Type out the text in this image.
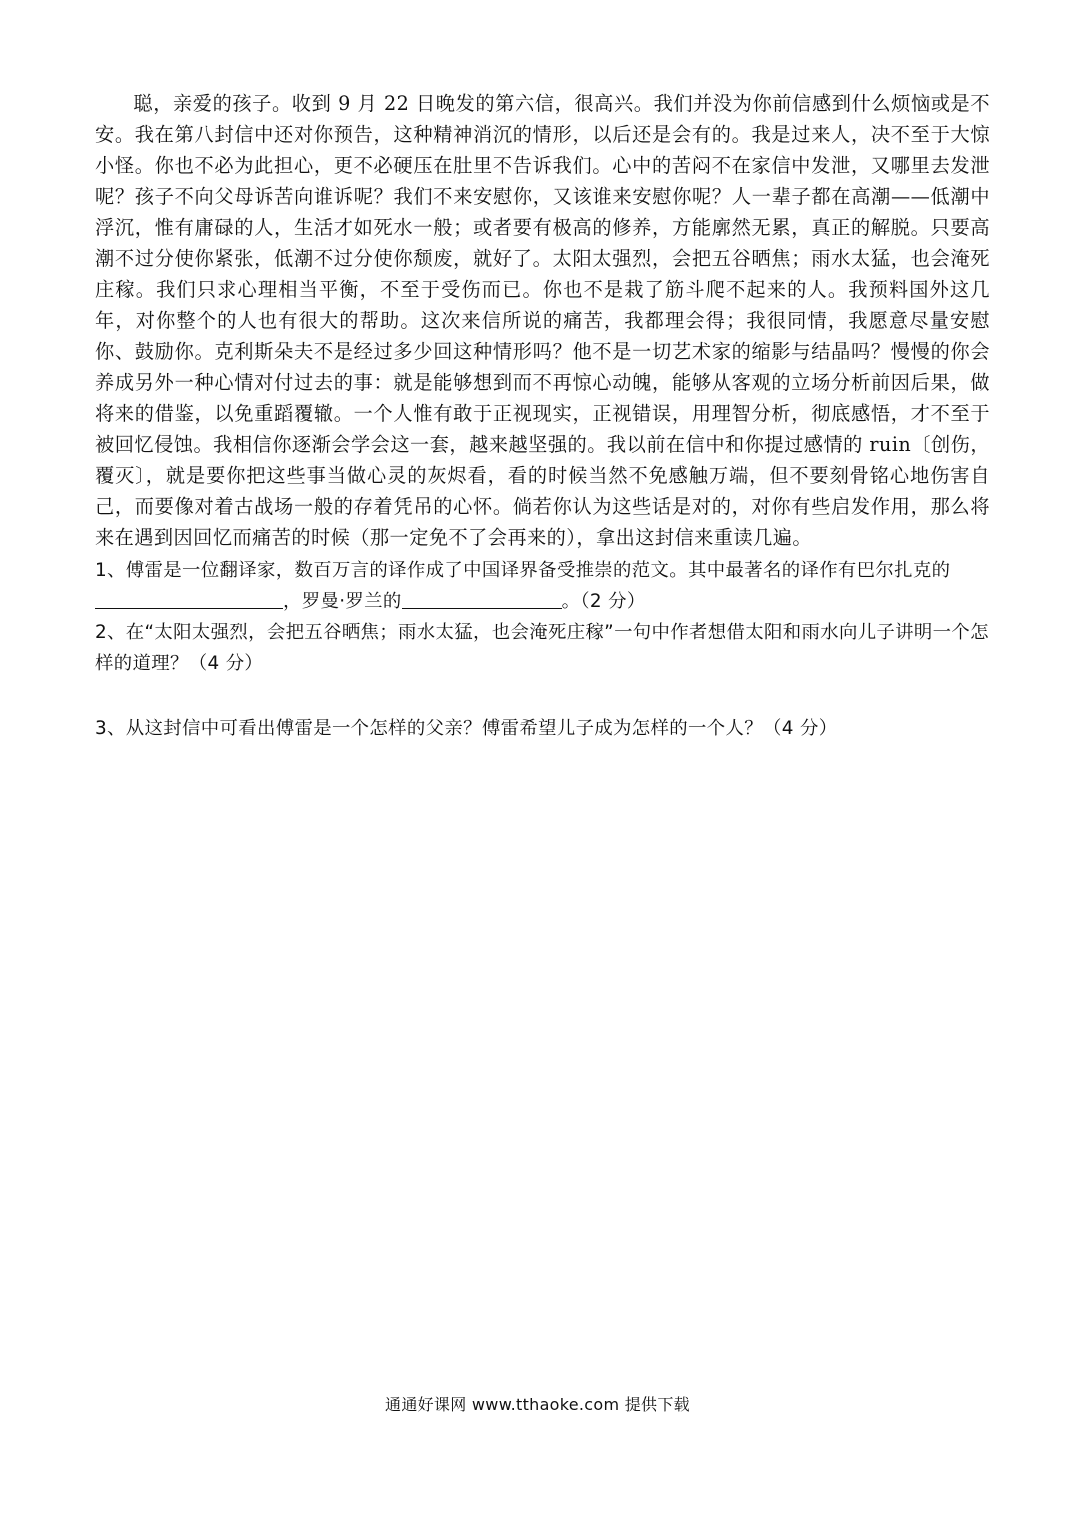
聪，亲爱的孩子。收到 9 月 22 日晚发的第六信，很高兴。我们并没为你前信感到什么烦恼或是不安。我在第八封信中还对你预告，这种精神消沉的情形，以后还是会有的。我是过来人，决不至于大惊小怪。你也不必为此担心，更不必硬压在肚里不告诉我们。心中的苦闷不在家信中发泄，又哪里去发泄呢？孩子不向父母诉苦向谁诉呢？我们不来安慰你，又该谁来安慰你呢？人一辈子都在高潮——低潮中浮沉，惟有庸碌的人，生活才如死水一般；或者要有极高的修养，方能廓然无累，真正的解脱。只要高潮不过分使你紧张，低潮不过分使你颓废，就好了。太阳太强烈，会把五谷晒焦；雨水太猛，也会淹死庄稼。我们只求心理相当平衡，不至于受伤而已。你也不是栽了筋斗爬不起来的人。我预料国外这几年，对你整个的人也有很大的帮助。这次来信所说的痛苦，我都理会得；我很同情，我愿意尽量安慰你、鼓励你。克利斯朵夫不是经过多少回这种情形吗？他不是一切艺术家的缩影与结晶吗？慢慢的你会养成另外一种心情对付过去的事：就是能够想到而不再惊心动魄，能够从客观的立场分析前因后果，做将来的借鉴，以免重蹈覆辙。一个人惟有敢于正视现实，正视错误，用理智分析，彻底感悟，才不至于被回忆侵蚀。我相信你逐渐会学会这一套，越来越坚强的。我以前在信中和你提过感情的 ruin〔创伤，覆灭〕，就是要你把这些事当做心灵的灰烬看，看的时候当然不免感触万端，但不要刻骨铭心地伤害自己，而要像对着古战场一般的存着凭吊的心怀。倘若你认为这些话是对的，对你有些启发作用，那么将来在遇到因回忆而痛苦的时候（那一定免不了会再来的），拿出这封信来重读几遍。

1、傅雷是一位翻译家，数百万言的译作成了中国译界备受推崇的范文。其中最著名的译作有巴尔扎克的，罗曼·罗兰的	。（2 分）

2、在“太阳太强烈，会把五谷晒焦；雨水太猛，也会淹死庄稼”一句中作者想借太阳和雨水向儿子讲明一个怎样的道理？（4 分）

3、从这封信中可看出傅雷是一个怎样的父亲？傅雷希望儿子成为怎样的一个人？（4 分）

通通好课网 www.tthaoke.com 提供下载
